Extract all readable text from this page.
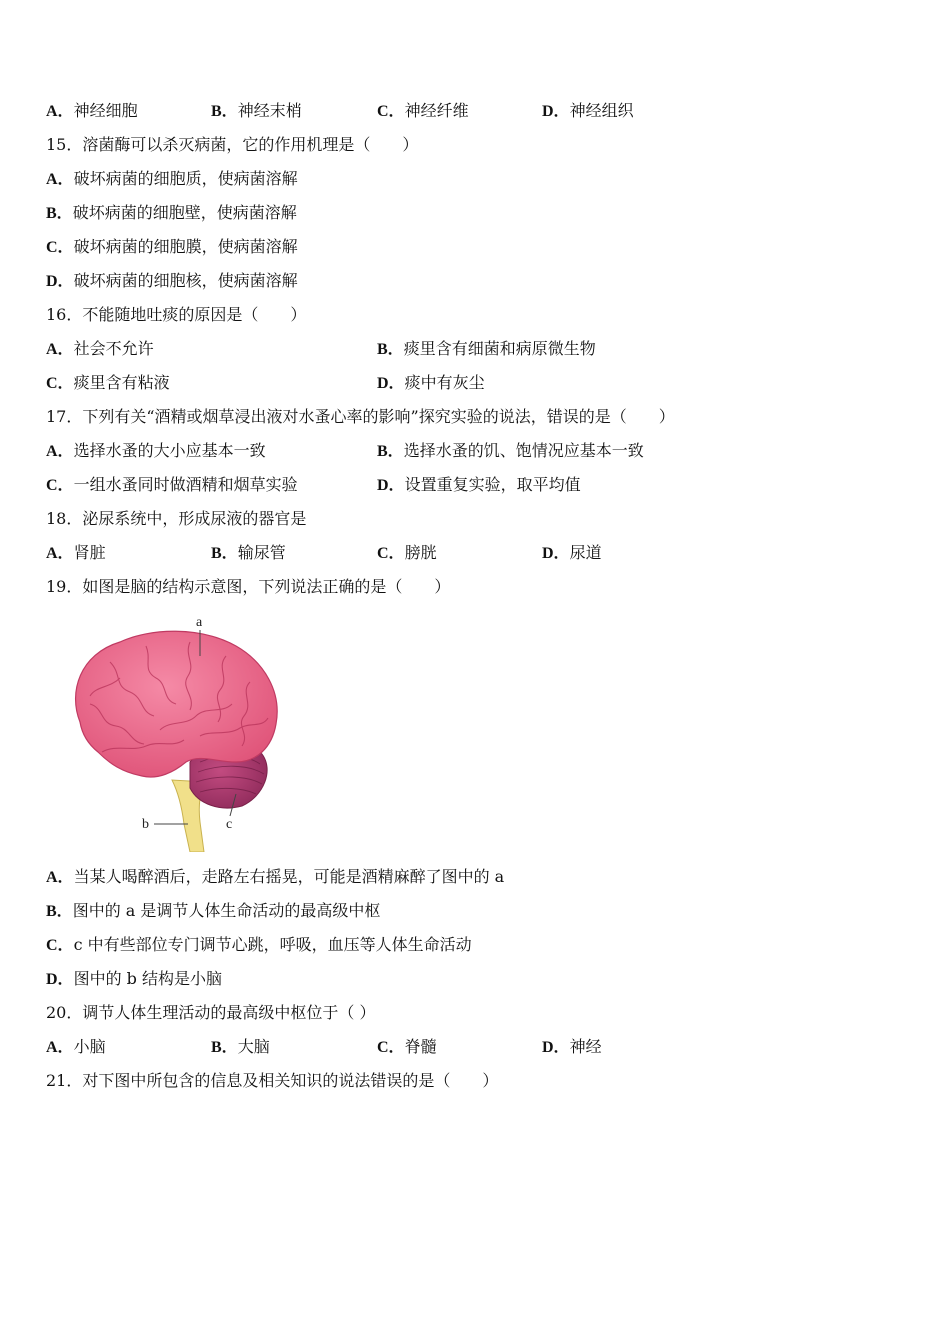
A．神经细胞	B．神经末梢	C．神经纤维	D．神经组织
15．溶菌酶可以杀灭病菌，它的作用机理是（　　）
A．破坏病菌的细胞质，使病菌溶解
B．破坏病菌的细胞壁，使病菌溶解
C．破坏病菌的细胞膜，使病菌溶解
D．破坏病菌的细胞核，使病菌溶解
16．不能随地吐痰的原因是（　　）
A．社会不允许	B．痰里含有细菌和病原微生物
C．痰里含有粘液	D．痰中有灰尘
17．下列有关“酒精或烟草浸出液对水蚤心率的影响”探究实验的说法，错误的是（　　）
A．选择水蚤的大小应基本一致	B．选择水蚤的饥、饱情况应基本一致
C．一组水蚤同时做酒精和烟草实验	D．设置重复实验，取平均值
18．泌尿系统中，形成尿液的器官是
A．肾脏	B．输尿管	C．膀胱	D．尿道
19．如图是脑的结构示意图，下列说法正确的是（　　）
a
b	c
A．当某人喝醉酒后，走路左右摇晃，可能是酒精麻醉了图中的 a
B．图中的 a 是调节人体生命活动的最高级中枢
C．c 中有些部位专门调节心跳，呼吸，血压等人体生命活动
D．图中的 b 结构是小脑
20．调节人体生理活动的最高级中枢位于（ ）
A．小脑	B．大脑	C．脊髓	D．神经
21．对下图中所包含的信息及相关知识的说法错误的是（　　）
